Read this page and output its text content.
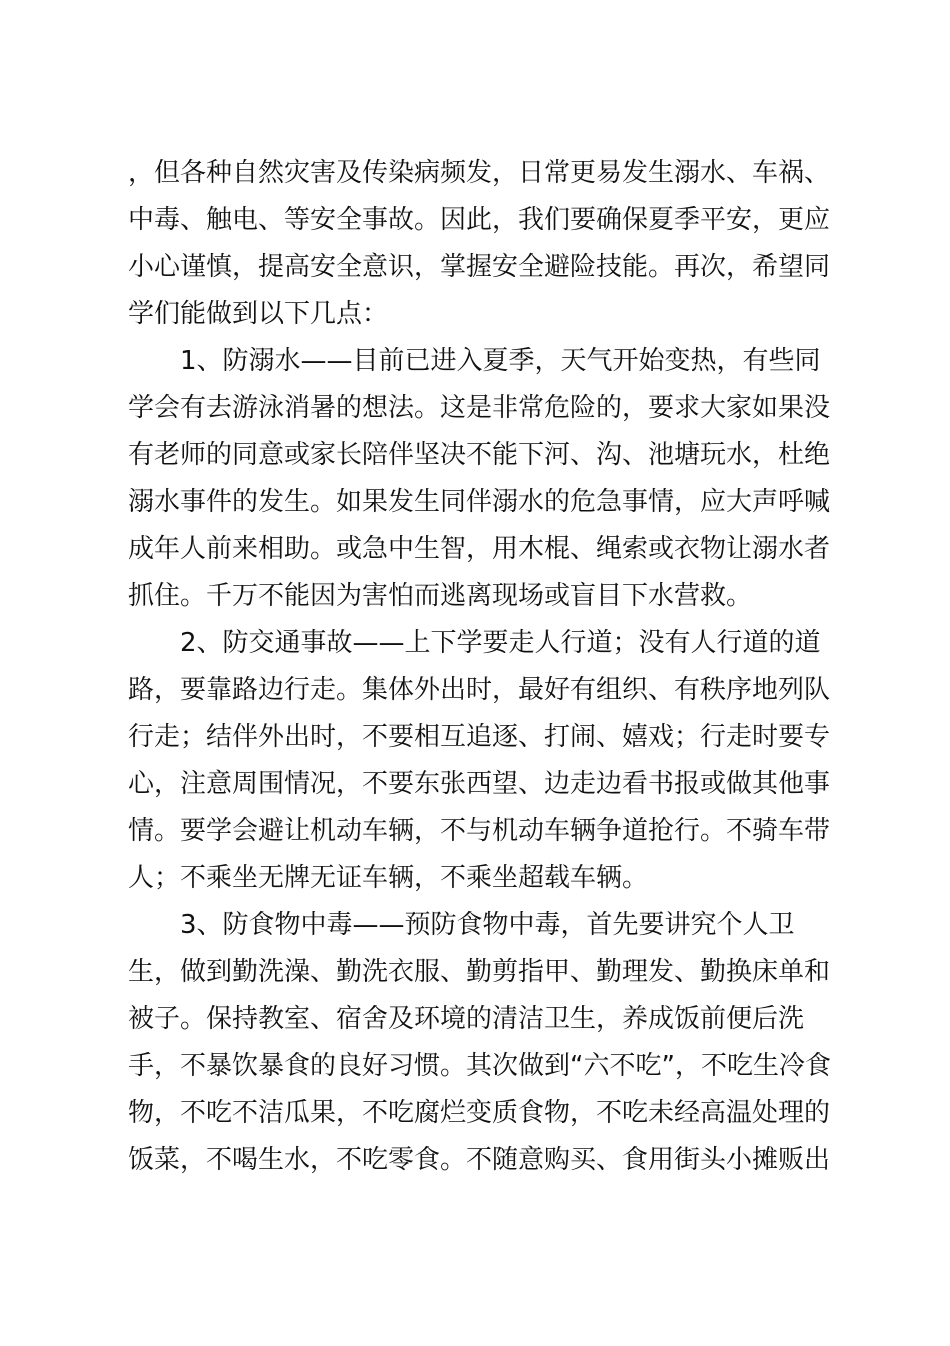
，但各种自然灾害及传染病频发，日常更易发生溺水、车祸、
中毒、触电、等安全事故。因此，我们要确保夏季平安，更应
小心谨慎，提高安全意识，掌握安全避险技能。再次，希望同
学们能做到以下几点：
1、防溺水——目前已进入夏季，天气开始变热，有些同
学会有去游泳消暑的想法。这是非常危险的，要求大家如果没
有老师的同意或家长陪伴坚决不能下河、沟、池塘玩水，杜绝
溺水事件的发生。如果发生同伴溺水的危急事情，应大声呼喊
成年人前来相助。或急中生智，用木棍、绳索或衣物让溺水者
抓住。千万不能因为害怕而逃离现场或盲目下水营救。
2、防交通事故——上下学要走人行道；没有人行道的道
路，要靠路边行走。集体外出时，最好有组织、有秩序地列队
行走；结伴外出时，不要相互追逐、打闹、嬉戏；行走时要专
心，注意周围情况，不要东张西望、边走边看书报或做其他事
情。要学会避让机动车辆，不与机动车辆争道抢行。不骑车带
人；不乘坐无牌无证车辆，不乘坐超载车辆。
3、防食物中毒——预防食物中毒，首先要讲究个人卫
生，做到勤洗澡、勤洗衣服、勤剪指甲、勤理发、勤换床单和
被子。保持教室、宿舍及环境的清洁卫生，养成饭前便后洗
手，不暴饮暴食的良好习惯。其次做到“六不吃”，不吃生冷食
物，不吃不洁瓜果，不吃腐烂变质食物，不吃未经高温处理的
饭菜，不喝生水，不吃零食。不随意购买、食用街头小摊贩出
